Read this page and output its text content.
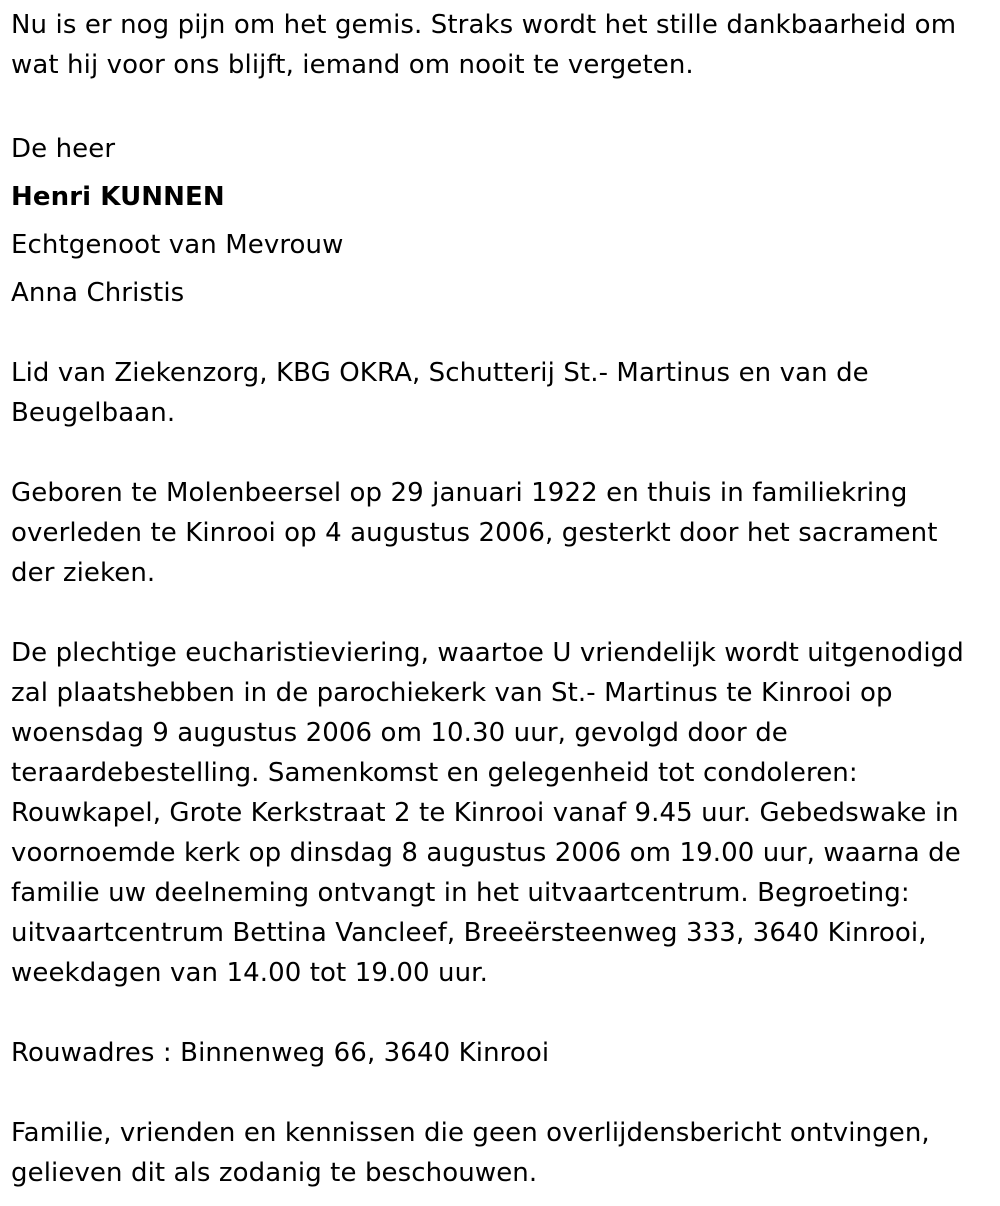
Nu is er nog pijn om het gemis. Straks wordt het stille dankbaarheid om wat hij voor ons blijft, iemand om nooit te vergeten.

De heer

Henri KUNNEN

Echtgenoot van Mevrouw

Anna Christis

Lid van Ziekenzorg, KBG OKRA, Schutterij St.- Martinus en van de Beugelbaan.

Geboren te Molenbeersel op 29 januari 1922 en thuis in familiekring overleden te Kinrooi op 4 augustus 2006, gesterkt door het sacrament der zieken.

De plechtige eucharistieviering, waartoe U vriendelijk wordt uitgenodigd zal plaatshebben in de parochiekerk van St.- Martinus te Kinrooi op woensdag 9 augustus 2006 om 10.30 uur, gevolgd door de teraardebestelling. Samenkomst en gelegenheid tot condoleren: Rouwkapel, Grote Kerkstraat 2 te Kinrooi vanaf 9.45 uur. Gebedswake in voornoemde kerk op dinsdag 8 augustus 2006 om 19.00 uur, waarna de familie uw deelneming ontvangt in het uitvaartcentrum. Begroeting: uitvaartcentrum Bettina Vancleef, Breeërsteenweg 333, 3640 Kinrooi, weekdagen van 14.00 tot 19.00 uur.

Rouwadres : Binnenweg 66, 3640 Kinrooi

Familie, vrienden en kennissen die geen overlijdensbericht ontvingen, gelieven dit als zodanig te beschouwen.
